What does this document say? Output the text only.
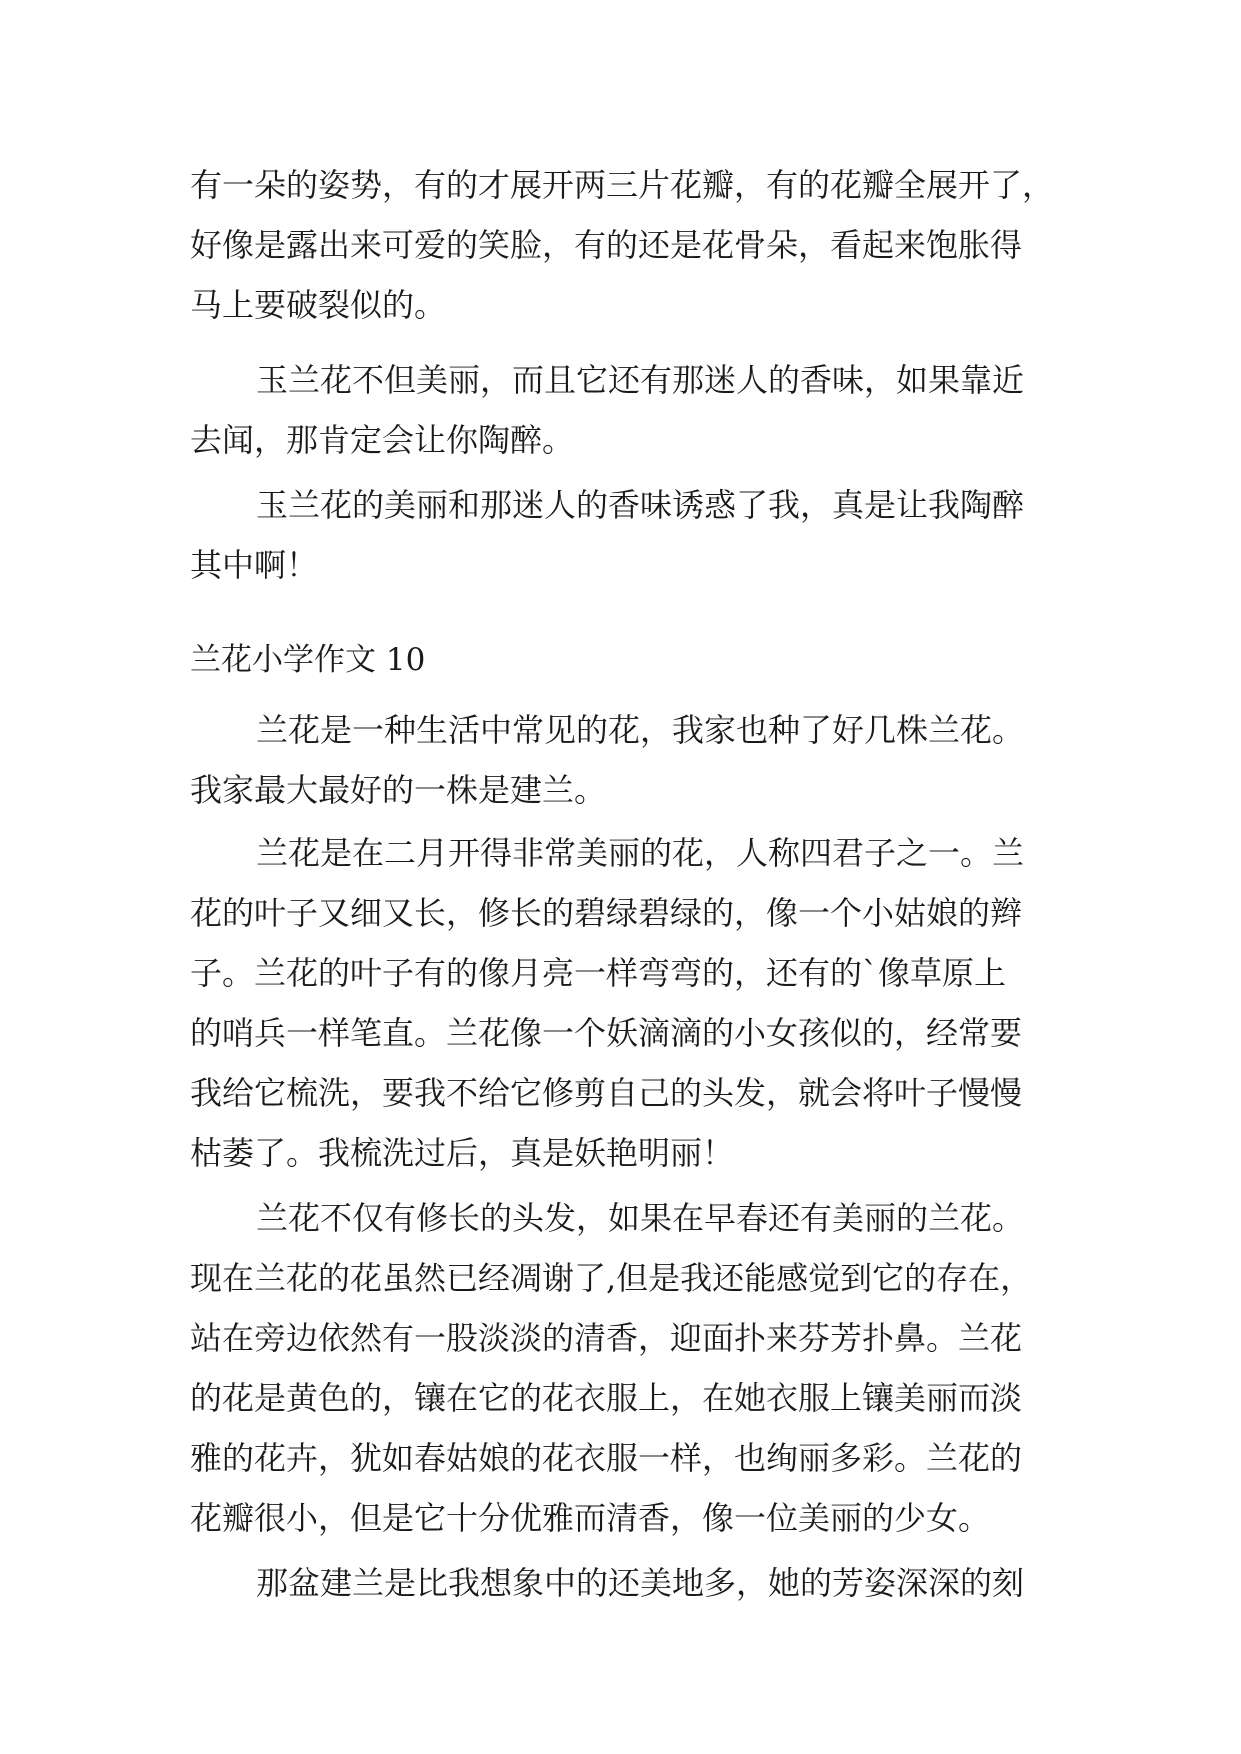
有一朵的姿势，有的才展开两三片花瓣，有的花瓣全展开了，
好像是露出来可爱的笑脸，有的还是花骨朵，看起来饱胀得
马上要破裂似的。
玉兰花不但美丽，而且它还有那迷人的香味，如果靠近
去闻，那肯定会让你陶醉。
玉兰花的美丽和那迷人的香味诱惑了我，真是让我陶醉
其中啊！
兰花小学作文 10
兰花是一种生活中常见的花，我家也种了好几株兰花。
我家最大最好的一株是建兰。
兰花是在二月开得非常美丽的花，人称四君子之一。兰
花的叶子又细又长，修长的碧绿碧绿的，像一个小姑娘的辫
子。兰花的叶子有的像月亮一样弯弯的，还有的`像草原上
的哨兵一样笔直。兰花像一个妖滴滴的小女孩似的，经常要
我给它梳洗，要我不给它修剪自己的头发，就会将叶子慢慢
枯萎了。我梳洗过后，真是妖艳明丽！
兰花不仅有修长的头发，如果在早春还有美丽的兰花。
现在兰花的花虽然已经凋谢了,但是我还能感觉到它的存在，
站在旁边依然有一股淡淡的清香，迎面扑来芬芳扑鼻。兰花
的花是黄色的，镶在它的花衣服上，在她衣服上镶美丽而淡
雅的花卉，犹如春姑娘的花衣服一样，也绚丽多彩。兰花的
花瓣很小，但是它十分优雅而清香，像一位美丽的少女。
那盆建兰是比我想象中的还美地多，她的芳姿深深的刻
